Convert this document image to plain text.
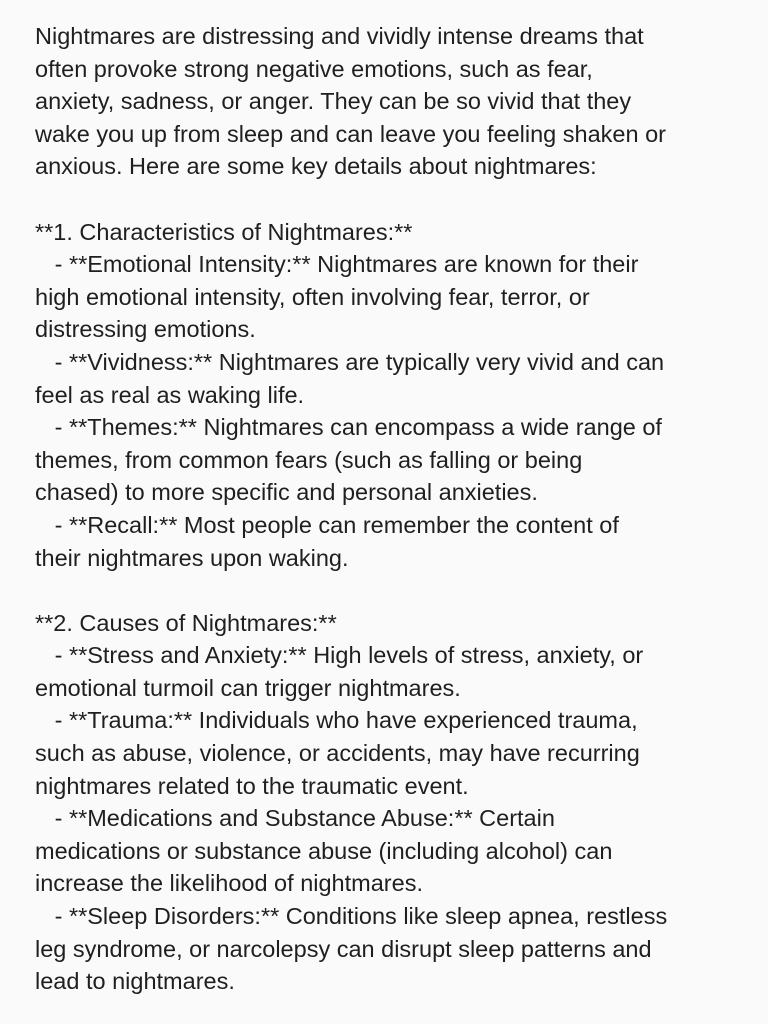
Nightmares are distressing and vividly intense dreams that
often provoke strong negative emotions, such as fear,
anxiety, sadness, or anger. They can be so vivid that they
wake you up from sleep and can leave you feeling shaken or
anxious. Here are some key details about nightmares:
**1. Characteristics of Nightmares:**
- **Emotional Intensity:** Nightmares are known for their
high emotional intensity, often involving fear, terror, or
distressing emotions.
- **Vividness:** Nightmares are typically very vivid and can
feel as real as waking life.
- **Themes:** Nightmares can encompass a wide range of
themes, from common fears (such as falling or being
chased) to more specific and personal anxieties.
- **Recall:** Most people can remember the content of
their nightmares upon waking.
**2. Causes of Nightmares:**
- **Stress and Anxiety:** High levels of stress, anxiety, or
emotional turmoil can trigger nightmares.
- **Trauma:** Individuals who have experienced trauma,
such as abuse, violence, or accidents, may have recurring
nightmares related to the traumatic event.
- **Medications and Substance Abuse:** Certain
medications or substance abuse (including alcohol) can
increase the likelihood of nightmares.
- **Sleep Disorders:** Conditions like sleep apnea, restless
leg syndrome, or narcolepsy can disrupt sleep patterns and
lead to nightmares.
